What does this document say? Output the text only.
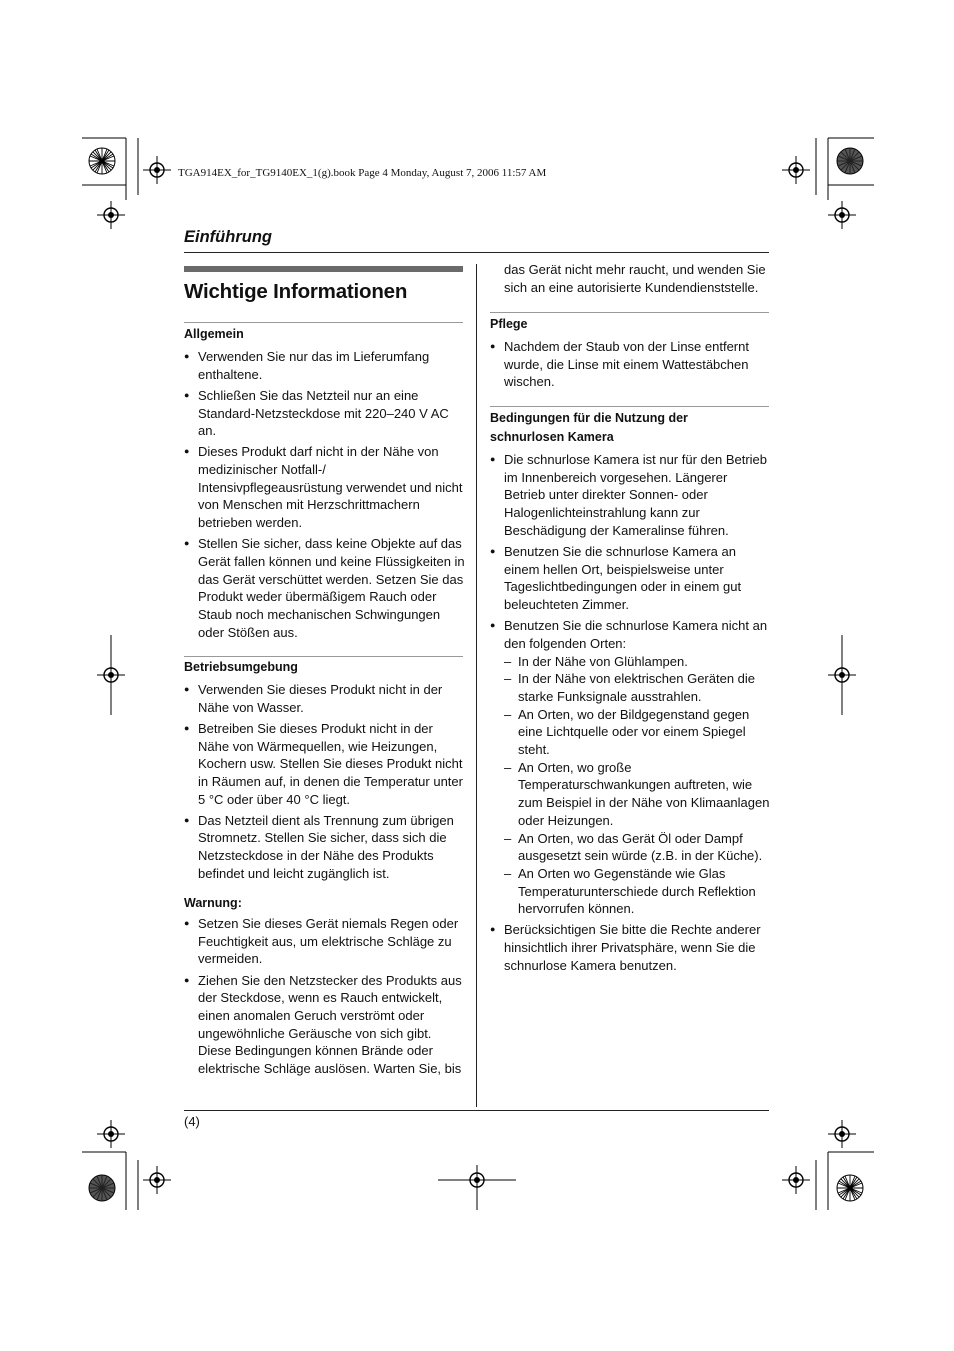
TGA914EX_for_TG9140EX_1(g).book Page 4 Monday, August 7, 2006 11:57 AM
Einführung
Wichtige Informationen
Allgemein
● Verwenden Sie nur das im Lieferumfang enthaltene.
● Schließen Sie das Netzteil nur an eine Standard-Netzsteckdose mit 220–240 V AC an.
● Dieses Produkt darf nicht in der Nähe von medizinischer Notfall-/ Intensivpflegeausrüstung verwendet und nicht von Menschen mit Herzschrittmachern betrieben werden.
● Stellen Sie sicher, dass keine Objekte auf das Gerät fallen können und keine Flüssigkeiten in das Gerät verschüttet werden. Setzen Sie das Produkt weder übermäßigem Rauch oder Staub noch mechanischen Schwingungen oder Stößen aus.
Betriebsumgebung
● Verwenden Sie dieses Produkt nicht in der Nähe von Wasser.
● Betreiben Sie dieses Produkt nicht in der Nähe von Wärmequellen, wie Heizungen, Kochern usw. Stellen Sie dieses Produkt nicht in Räumen auf, in denen die Temperatur unter 5 °C oder über 40 °C liegt.
● Das Netzteil dient als Trennung zum übrigen Stromnetz. Stellen Sie sicher, dass sich die Netzsteckdose in der Nähe des Produkts befindet und leicht zugänglich ist.
Warnung:
● Setzen Sie dieses Gerät niemals Regen oder Feuchtigkeit aus, um elektrische Schläge zu vermeiden.
● Ziehen Sie den Netzstecker des Produkts aus der Steckdose, wenn es Rauch entwickelt, einen anomalen Geruch verströmt oder ungewöhnliche Geräusche von sich gibt. Diese Bedingungen können Brände oder elektrische Schläge auslösen. Warten Sie, bis
das Gerät nicht mehr raucht, und wenden Sie sich an eine autorisierte Kundendienststelle.
Pflege
● Nachdem der Staub von der Linse entfernt wurde, die Linse mit einem Wattestäbchen wischen.
Bedingungen für die Nutzung der schnurlosen Kamera
● Die schnurlose Kamera ist nur für den Betrieb im Innenbereich vorgesehen. Längerer Betrieb unter direkter Sonnen- oder Halogenlichteinstrahlung kann zur Beschädigung der Kameralinse führen.
● Benutzen Sie die schnurlose Kamera an einem hellen Ort, beispielsweise unter Tageslichtbedingungen oder in einem gut beleuchteten Zimmer.
● Benutzen Sie die schnurlose Kamera nicht an den folgenden Orten:
– In der Nähe von Glühlampen.
– In der Nähe von elektrischen Geräten die starke Funksignale ausstrahlen.
– An Orten, wo der Bildgegenstand gegen eine Lichtquelle oder vor einem Spiegel steht.
– An Orten, wo große Temperaturschwankungen auftreten, wie zum Beispiel in der Nähe von Klimaanlagen oder Heizungen.
– An Orten, wo das Gerät Öl oder Dampf ausgesetzt sein würde (z.B. in der Küche).
– An Orten wo Gegenstände wie Glas Temperaturunterschiede durch Reflektion hervorrufen können.
● Berücksichtigen Sie bitte die Rechte anderer hinsichtlich ihrer Privatsphäre, wenn Sie die schnurlose Kamera benutzen.
(4)
